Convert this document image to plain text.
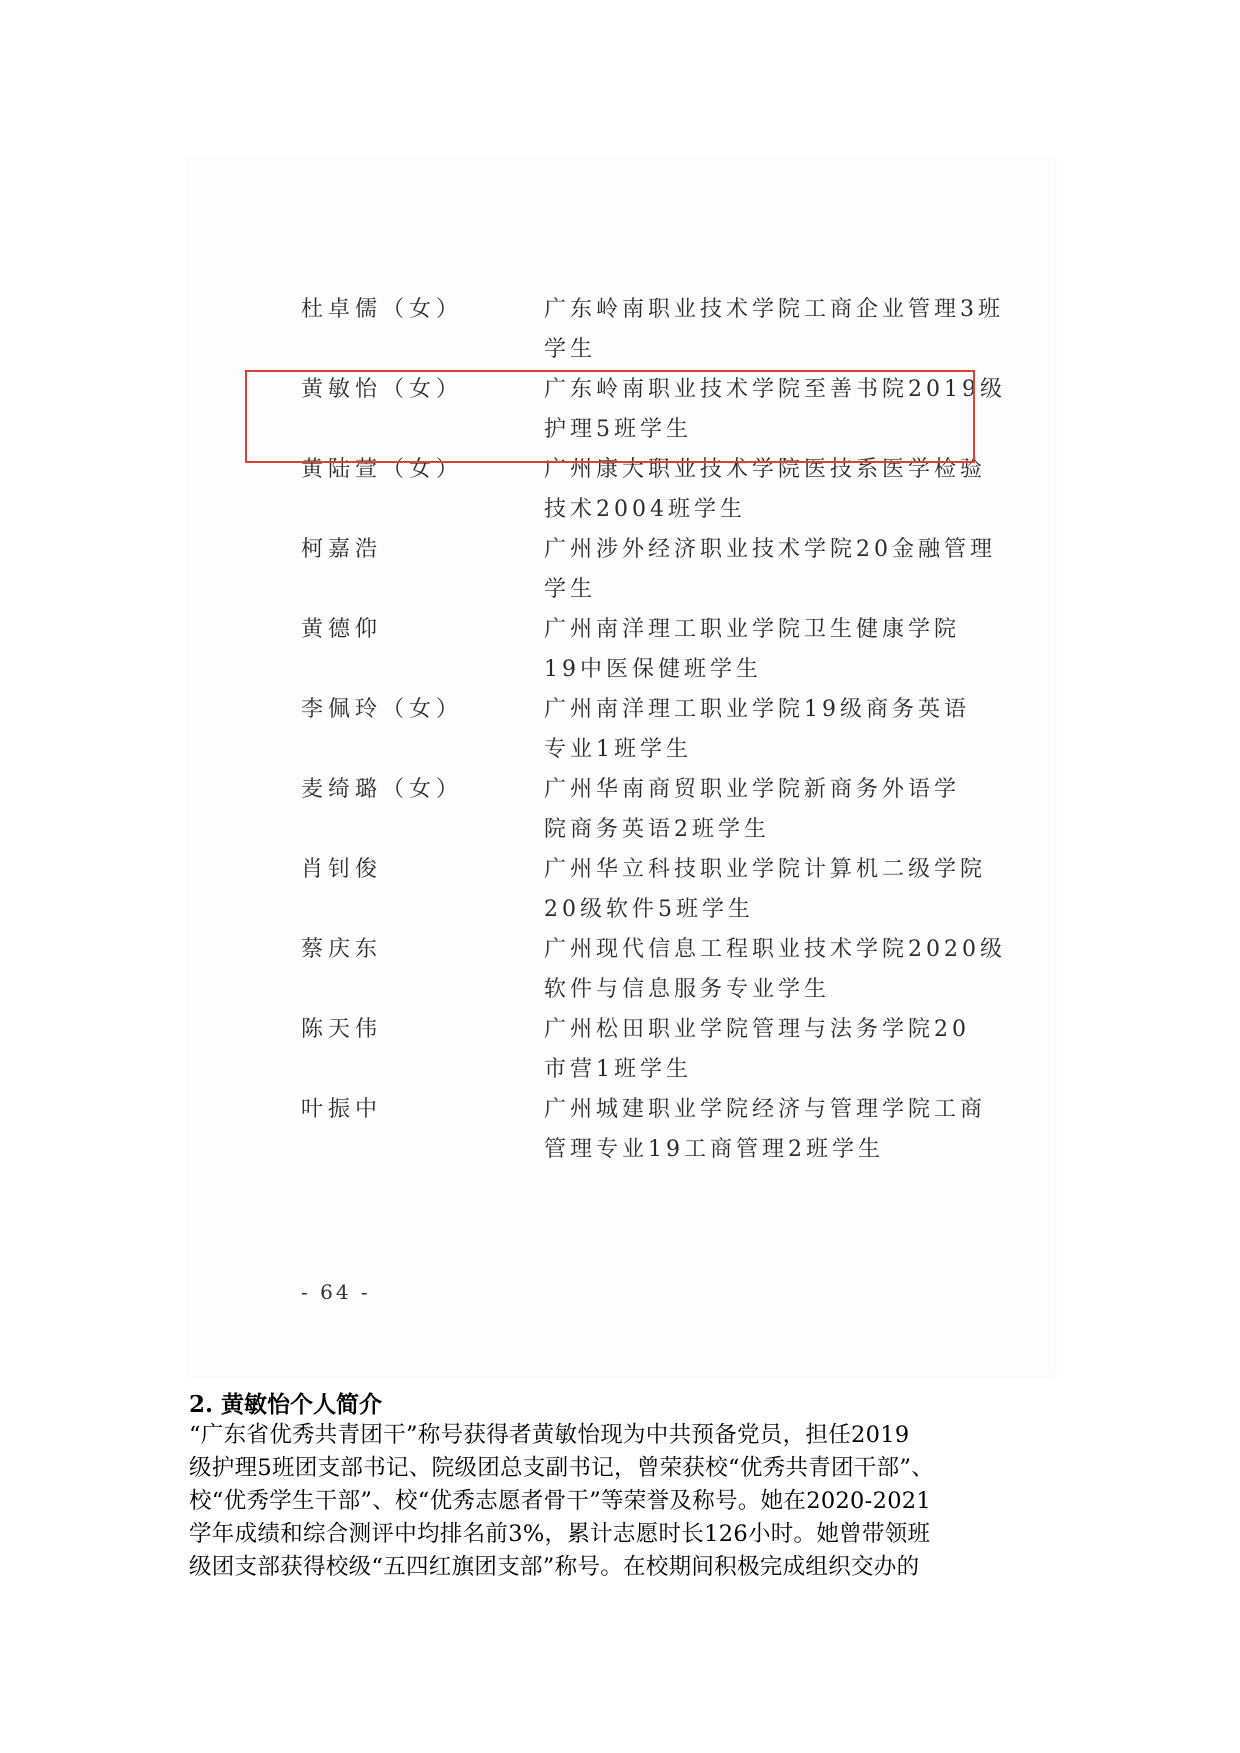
杜卓儒（女）	广东岭南职业技术学院工商企业管理3班
学生
黄敏怡（女）	广东岭南职业技术学院至善书院2019级
护理5班学生
黄陆萱（女）	广州康大职业技术学院医技系医学检验
技术2004班学生
柯嘉浩	广州涉外经济职业技术学院20金融管理
学生
黄德仰	广州南洋理工职业学院卫生健康学院
19中医保健班学生
李佩玲（女）	广州南洋理工职业学院19级商务英语
专业1班学生
麦绮璐（女）	广州华南商贸职业学院新商务外语学
院商务英语2班学生
肖钊俊	广州华立科技职业学院计算机二级学院
20级软件5班学生
蔡庆东	广州现代信息工程职业技术学院2020级
软件与信息服务专业学生
陈天伟	广州松田职业学院管理与法务学院20
市营1班学生
叶振中	广州城建职业学院经济与管理学院工商
管理专业19工商管理2班学生
- 64 -
2. 黄敏怡个人简介
“广东省优秀共青团干”称号获得者黄敏怡现为中共预备党员，担任2019
级护理5班团支部书记、院级团总支副书记，曾荣获校“优秀共青团干部”、
校“优秀学生干部”、校“优秀志愿者骨干”等荣誉及称号。她在2020-2021
学年成绩和综合测评中均排名前3%，累计志愿时长126小时。她曾带领班
级团支部获得校级“五四红旗团支部”称号。在校期间积极完成组织交办的
